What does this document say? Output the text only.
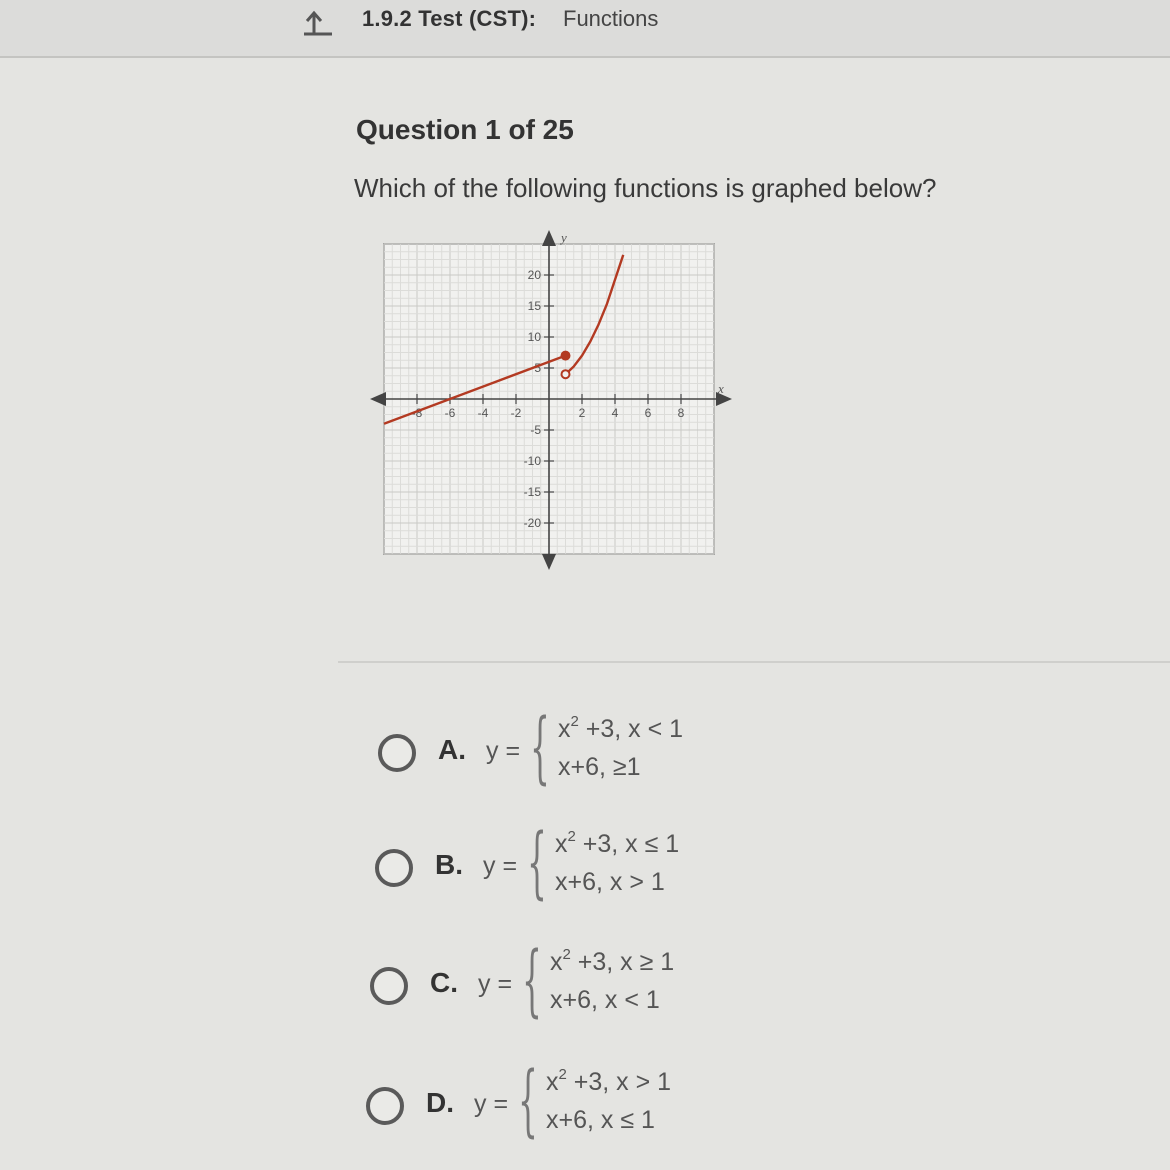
1.9.2 Test (CST): Functions
Question 1 of 25
Which of the following functions is graphed below?
x
y
-8 -6 -4 -2	2 4 6 8
20
15
10
5
-5
-10
-15
-20
A. y = { $x^2 +3$, x < 1
x+6, ≥1
B. y = { $x^2 +3$, x ≤ 1
x+6, x > 1
C. y = { $x^2 +3$, x ≥ 1
x+6, x < 1
D. y = { $x^2 +3$, x > 1
x+6, x ≤ 1
